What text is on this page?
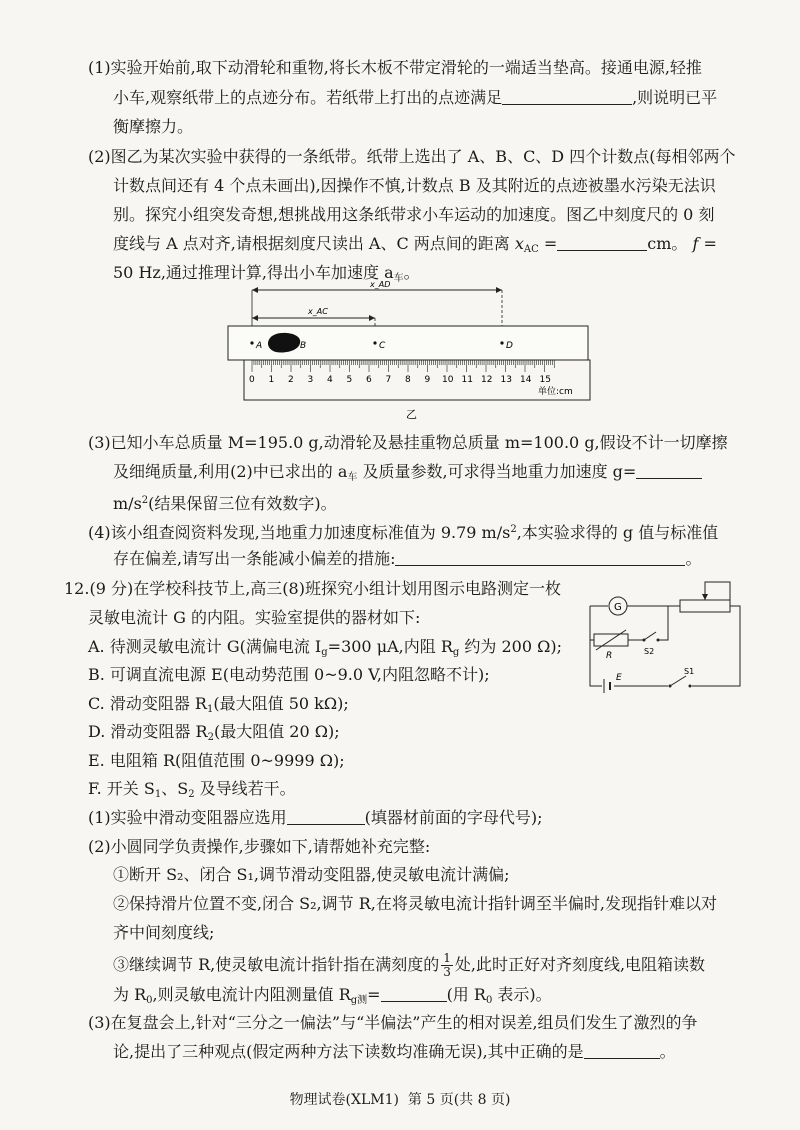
(1)实验开始前,取下动滑轮和重物,将长木板不带定滑轮的一端适当垫高。接通电源,轻推
小车,观察纸带上的点迹分布。若纸带上打出的点迹满足	,则说明已平
衡摩擦力。
(2)图乙为某次实验中获得的一条纸带。纸带上选出了 A、B、C、D 四个计数点(每相邻两个
计数点间还有 4 个点未画出),因操作不慎,计数点 B 及其附近的点迹被墨水污染无法识
别。探究小组突发奇想,想挑战用这条纸带求小车运动的加速度。图乙中刻度尺的 0 刻
度线与 A 点对齐,请根据刻度尺读出 A、C 两点间的距离 $x_{AC}$ =	cm。 f =
50 Hz,通过推理计算,得出小车加速度 $a_车$。
x_AD
x_AC
A	B	C	D
0 1 2 3 4 5 6 7 8 9 10 11 12 13 14 15
单位:cm
乙
(3)已知小车总质量 M=195.0 g,动滑轮及悬挂重物总质量 m=100.0 g,假设不计一切摩擦
及细绳质量,利用(2)中已求出的 $a_车$ 及质量参数,可求得当地重力加速度 g=
$m/s^2$(结果保留三位有效数字)。
(4)该小组查阅资料发现,当地重力加速度标准值为 9.79 $m/s^2$,本实验求得的 g 值与标准值
存在偏差,请写出一条能减小偏差的措施:	。
12.(9 分)在学校科技节上,高三(8)班探究小组计划用图示电路测定一枚
灵敏电流计 G 的内阻。实验室提供的器材如下:
A. 待测灵敏电流计 G(满偏电流 $I_g=300$ μA,内阻 $R_g$ 约为 200 Ω);
B. 可调直流电源 E(电动势范围 0~9.0 V,内阻忽略不计);
C. 滑动变阻器 $R_1$(最大阻值 50 kΩ);
D. 滑动变阻器 $R_2$(最大阻值 20 Ω);
E. 电阻箱 R(阻值范围 0~9999 Ω);
F. 开关 $S_1$、$S_2$ 及导线若干。
G
R	S2
E
S1
(1)实验中滑动变阻器应选用	(填器材前面的字母代号);
(2)小圆同学负责操作,步骤如下,请帮她补充完整:
①断开 S₂、闭合 S₁,调节滑动变阻器,使灵敏电流计满偏;
②保持滑片位置不变,闭合 S₂,调节 R,在将灵敏电流计指针调至半偏时,发现指针难以对
齐中间刻度线;
③继续调节 R,使灵敏电流计指针指在满刻度的 $\frac{1}{3}$ 处,此时正好对齐刻度线,电阻箱读数
为 $R_0$,则灵敏电流计内阻测量值 $R_{g测}=$	(用 $R_0$ 表示)。
(3)在复盘会上,针对“三分之一偏法”与“半偏法”产生的相对误差,组员们发生了激烈的争
论,提出了三种观点(假定两种方法下读数均准确无误),其中正确的是	。
物理试卷(XLM1)  第 5 页(共 8 页)
